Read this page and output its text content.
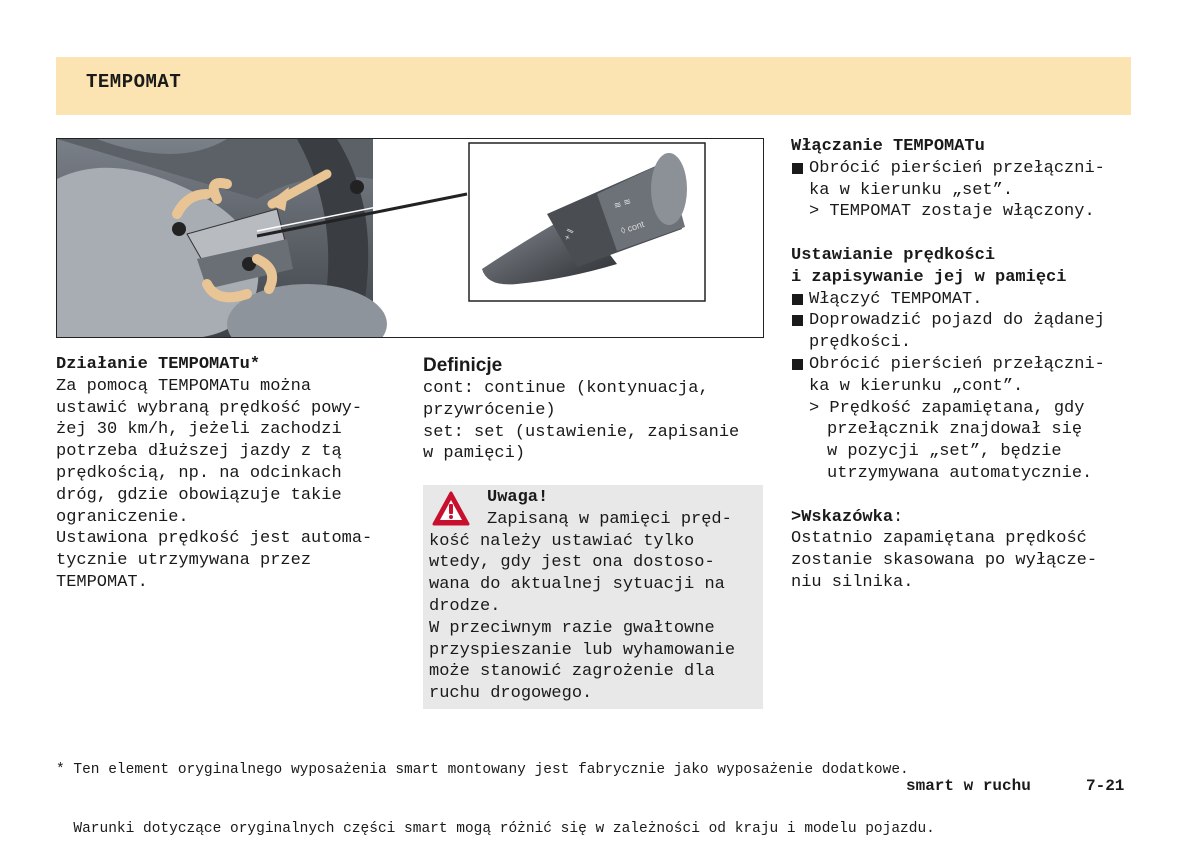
TEMPOMAT
≋ ≋
◊ cont
+ ‖
Działanie TEMPOMATu*
Za pomocą TEMPOMATu można
ustawić wybraną prędkość powy-
żej 30 km/h, jeżeli zachodzi
potrzeba dłuższej jazdy z tą
prędkością, np. na odcinkach
dróg, gdzie obowiązuje takie
ograniczenie.
Ustawiona prędkość jest automa-
tycznie utrzymywana przez
TEMPOMAT.
Definicje
cont: continue (kontynuacja,
przywrócenie)
set: set (ustawienie, zapisanie
w pamięci)
Uwaga!
Zapisaną w pamięci pręd-
kość należy ustawiać tylko
wtedy, gdy jest ona dostoso-
wana do aktualnej sytuacji na
drodze.
W przeciwnym razie gwałtowne
przyspieszanie lub wyhamowanie
może stanowić zagrożenie dla
ruchu drogowego.
Włączanie TEMPOMATu
Obrócić pierścień przełączni-
ka w kierunku „set”.
> TEMPOMAT zostaje włączony.
Ustawianie prędkości
i zapisywanie jej w pamięci
Włączyć TEMPOMAT.
Doprowadzić pojazd do żądanej
prędkości.
Obrócić pierścień przełączni-
ka w kierunku „cont”.
> Prędkość zapamiętana, gdy
przełącznik znajdował się
w pozycji „set”, będzie
utrzymywana automatycznie.
>Wskazówka:
Ostatnio zapamiętana prędkość
zostanie skasowana po wyłącze-
niu silnika.

* Ten element oryginalnego wyposażenia smart montowany jest fabrycznie jako wyposażenie dodatkowe.

Warunki dotyczące oryginalnych części smart mogą różnić się w zależności od kraju i modelu pojazdu.

smart w ruchu	7-21
